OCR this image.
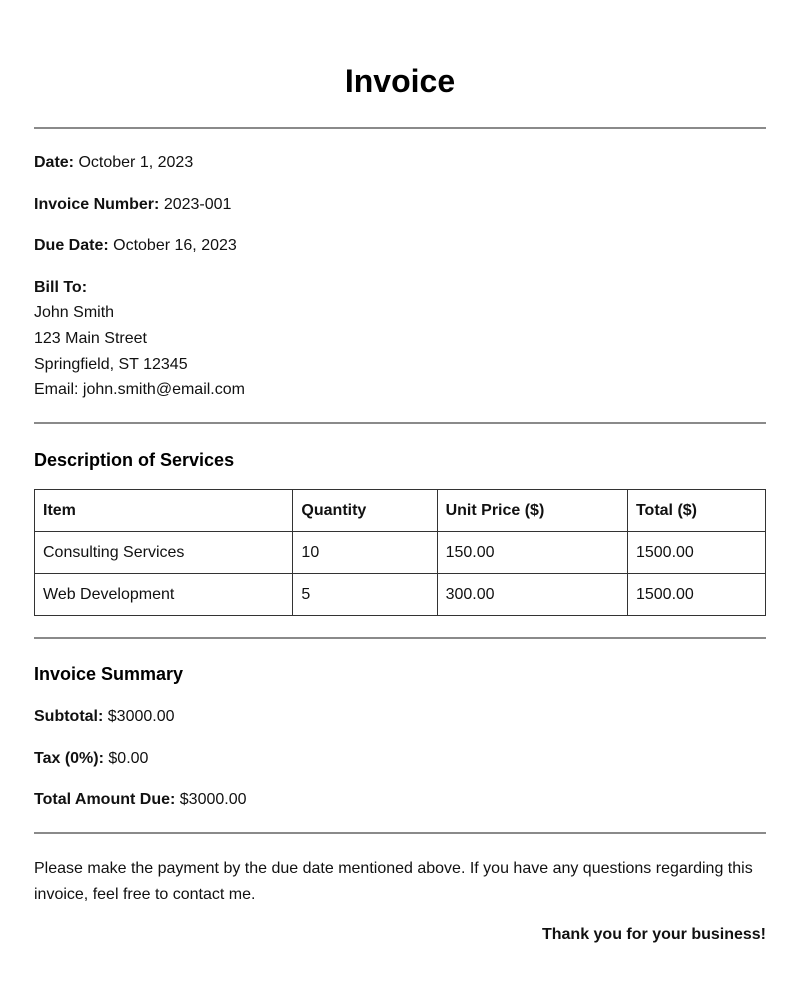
Invoice
Date: October 1, 2023
Invoice Number: 2023-001
Due Date: October 16, 2023
Bill To:
John Smith
123 Main Street
Springfield, ST 12345
Email: john.smith@email.com
Description of Services
Item	Quantity	Unit Price ($)	Total ($)
Consulting Services	10	150.00	1500.00
Web Development	5	300.00	1500.00
Invoice Summary
Subtotal: $3000.00
Tax (0%): $0.00
Total Amount Due: $3000.00

Please make the payment by the due date mentioned above. If you have any questions regarding this invoice, feel free to contact me.

Thank you for your business!
